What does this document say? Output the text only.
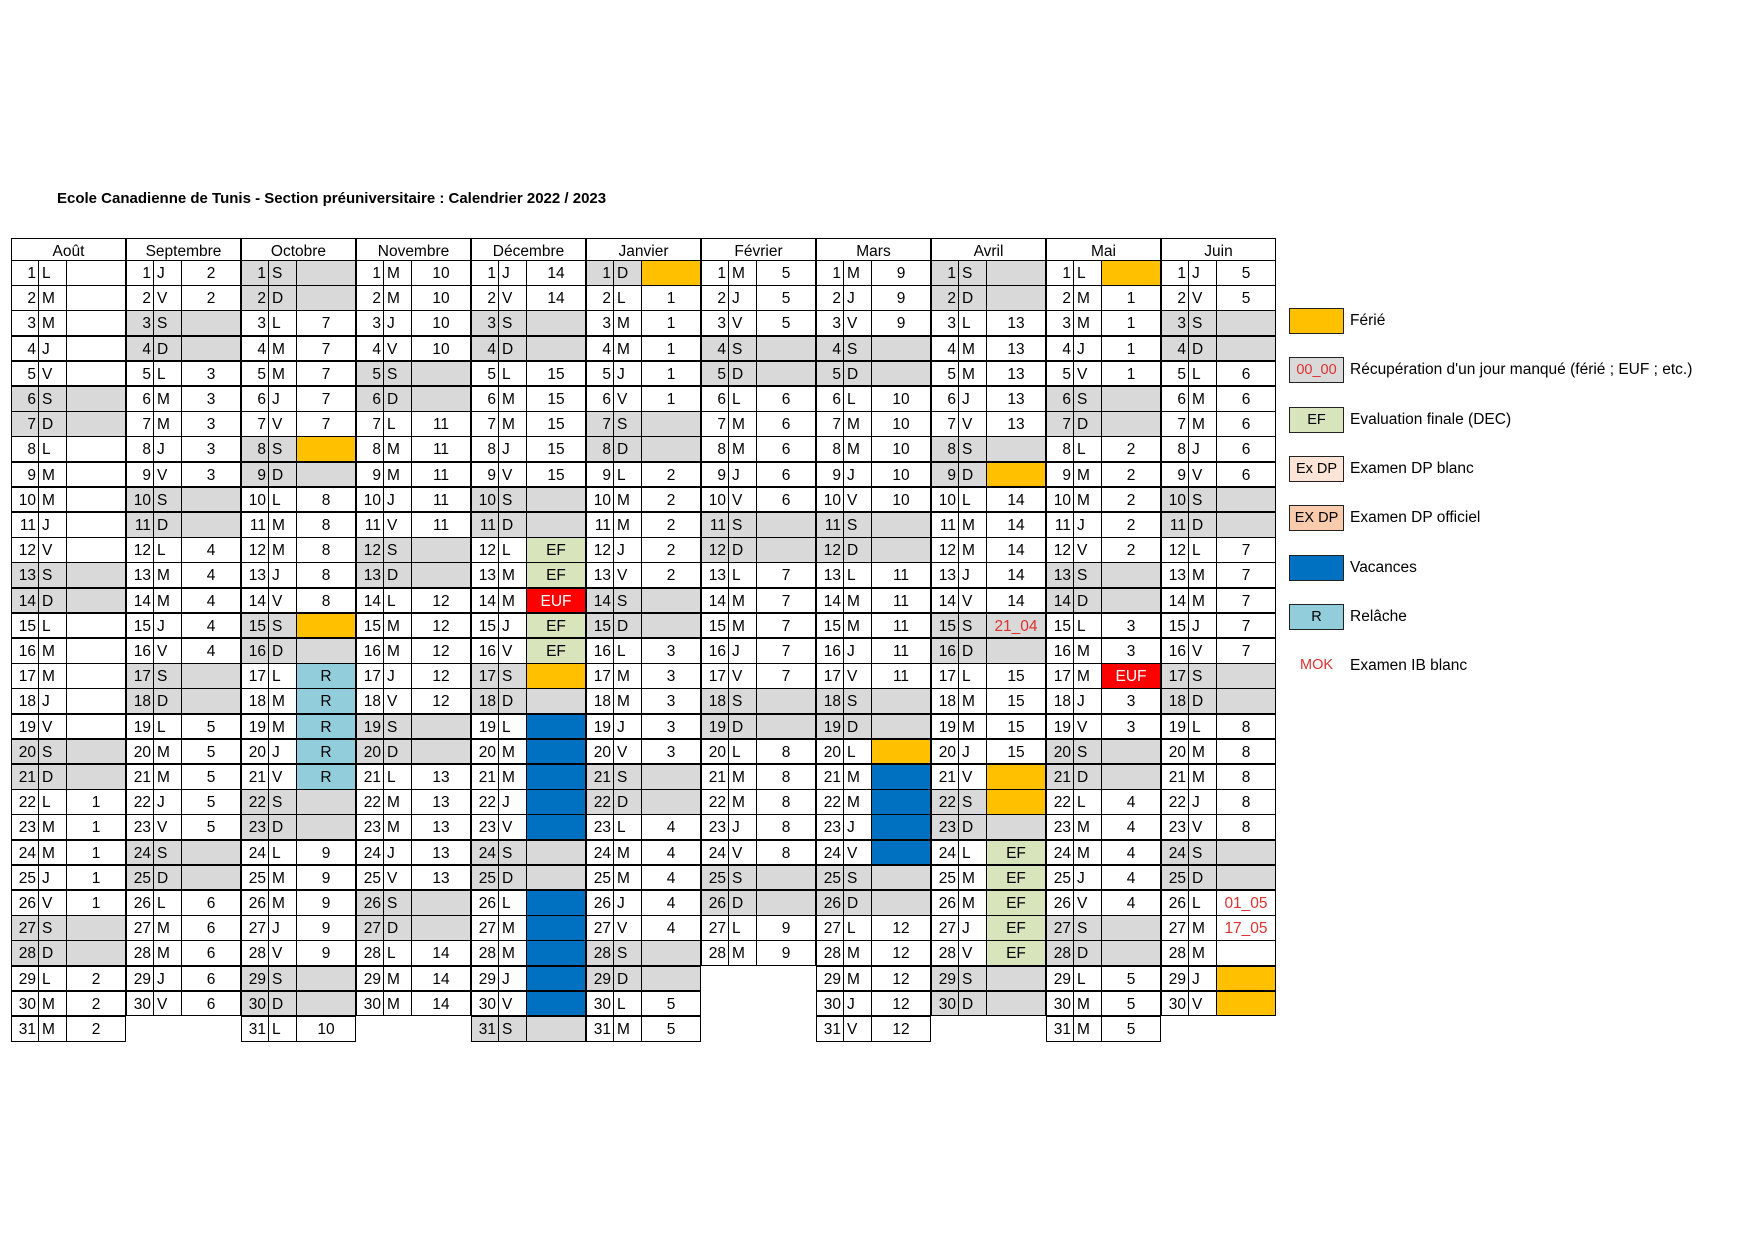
Ecole Canadienne de Tunis - Section préuniversitaire : Calendrier 2022 / 2023
Août
1 L
2 M
3 M
4 J
5 V
6 S
7 D
8 L
9 M
10 M
11 J
12 V
13 S
14 D
15 L
16 M
17 M
18 J
19 V
20 S
21 D
22 L	1
23 M	1
24 M	1
25 J	1
26 V	1
27 S
28 D
29 L	2
30 M	2
31 M	2
Septembre
1 J	2
2 V	2
3 S
4 D
5 L	3
6 M	3
7 M	3
8 J	3
9 V	3
10 S
11 D
12 L	4
13 M	4
14 M	4
15 J	4
16 V	4
17 S
18 D
19 L	5
20 M	5
21 M	5
22 J	5
23 V	5
24 S
25 D
26 L	6
27 M	6
28 M	6
29 J	6
30 V	6
Octobre
1 S
2 D
3 L	7
4 M	7
5 M	7
6 J	7
7 V	7
8 S
9 D
10 L	8
11 M	8
12 M	8
13 J	8
14 V	8
15 S
16 D
17 L	R
18 M	R
19 M	R
20 J	R
21 V	R
22 S
23 D
24 L	9
25 M	9
26 M	9
27 J	9
28 V	9
29 S
30 D
31 L	10
Novembre
1 M	10
2 M	10
3 J	10
4 V	10
5 S
6 D
7 L	11
8 M	11
9 M	11
10 J	11
11 V	11
12 S
13 D
14 L	12
15 M	12
16 M	12
17 J	12
18 V	12
19 S
20 D
21 L	13
22 M	13
23 M	13
24 J	13
25 V	13
26 S
27 D
28 L	14
29 M	14
30 M	14
Décembre
1 J	14
2 V	14
3 S
4 D
5 L	15
6 M	15
7 M	15
8 J	15
9 V	15
10 S
11 D
12 L	EF
13 M	EF
14 M	EUF
15 J	EF
16 V	EF
17 S
18 D
19 L
20 M
21 M
22 J
23 V
24 S
25 D
26 L
27 M
28 M
29 J
30 V
31 S
Janvier
1 D
2 L	1
3 M	1
4 M	1
5 J	1
6 V	1
7 S
8 D
9 L	2
10 M	2
11 M	2
12 J	2
13 V	2
14 S
15 D
16 L	3
17 M	3
18 M	3
19 J	3
20 V	3
21 S
22 D
23 L	4
24 M	4
25 M	4
26 J	4
27 V	4
28 S
29 D
30 L	5
31 M	5
Février
1 M	5
2 J	5
3 V	5
4 S
5 D
6 L	6
7 M	6
8 M	6
9 J	6
10 V	6
11 S
12 D
13 L	7
14 M	7
15 M	7
16 J	7
17 V	7
18 S
19 D
20 L	8
21 M	8
22 M	8
23 J	8
24 V	8
25 S
26 D
27 L	9
28 M	9
Mars
1 M	9
2 J	9
3 V	9
4 S
5 D
6 L	10
7 M	10
8 M	10
9 J	10
10 V	10
11 S
12 D
13 L	11
14 M	11
15 M	11
16 J	11
17 V	11
18 S
19 D
20 L
21 M
22 M
23 J
24 V
25 S
26 D
27 L	12
28 M	12
29 M	12
30 J	12
31 V	12
Avril
1 S
2 D
3 L	13
4 M	13
5 M	13
6 J	13
7 V	13
8 S
9 D
10 L	14
11 M	14
12 M	14
13 J	14
14 V	14
15 S	21_04
16 D
17 L	15
18 M	15
19 M	15
20 J	15
21 V
22 S
23 D
24 L	EF
25 M	EF
26 M	EF
27 J	EF
28 V	EF
29 S
30 D
Mai
1 L
2 M	1
3 M	1
4 J	1
5 V	1
6 S
7 D
8 L	2
9 M	2
10 M	2
11 J	2
12 V	2
13 S
14 D
15 L	3
16 M	3
17 M	EUF
18 J	3
19 V	3
20 S
21 D
22 L	4
23 M	4
24 M	4
25 J	4
26 V	4
27 S
28 D
29 L	5
30 M	5
31 M	5
Juin
1 J	5
2 V	5
3 S
4 D
5 L	6
6 M	6
7 M	6
8 J	6
9 V	6
10 S
11 D
12 L	7
13 M	7
14 M	7
15 J	7
16 V	7
17 S
18 D
19 L	8
20 M	8
21 M	8
22 J	8
23 V	8
24 S
25 D
26 L	01_05
27 M	17_05
28 M
29 J
30 V
Férié
00_00 Récupération d'un jour manqué (férié ; EUF ; etc.)
EF	Evaluation finale (DEC)
Ex DP Examen DP blanc
EX DP Examen DP officiel
Vacances
R	Relâche
MOK	Examen IB blanc
